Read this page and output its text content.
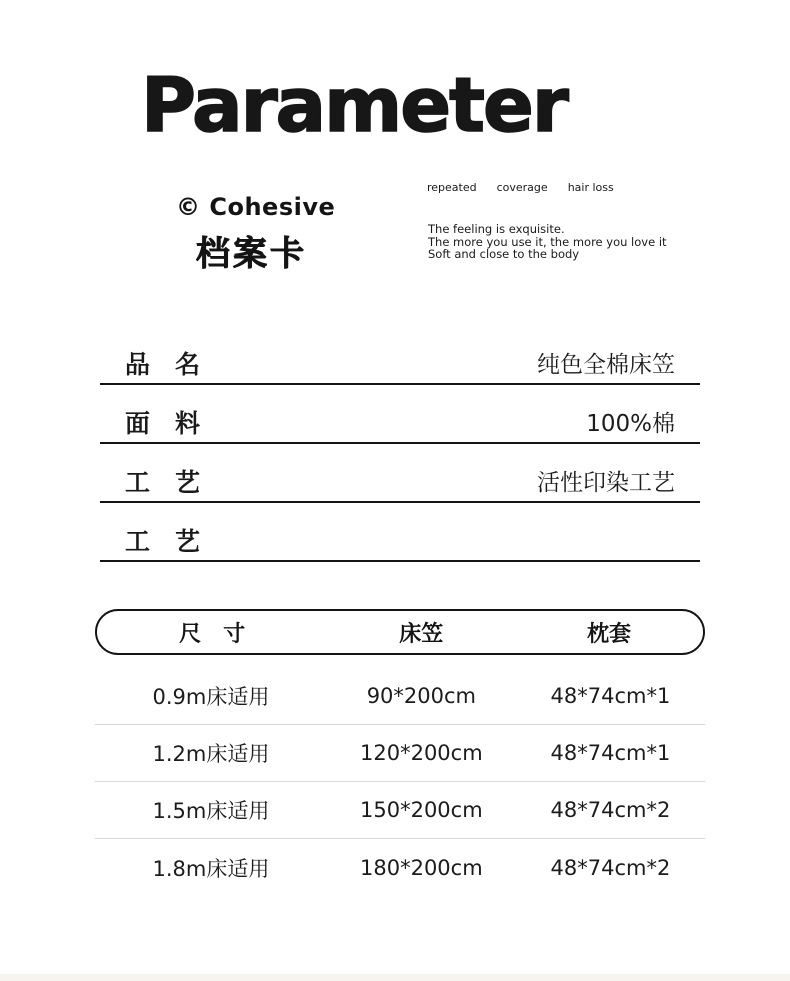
Parameter
© Cohesive
档案卡
repeated coverage hair loss
The feeling is exquisite.
The more you use it, the more you love it
Soft and close to the body
品　名	纯色全棉床笠
面　料	100%棉
工　艺	活性印染工艺
工　艺
尺　寸	床笠	枕套
0.9m床适用	90*200cm	48*74cm*1
1.2m床适用	120*200cm	48*74cm*1
1.5m床适用	150*200cm	48*74cm*2
1.8m床适用	180*200cm	48*74cm*2
